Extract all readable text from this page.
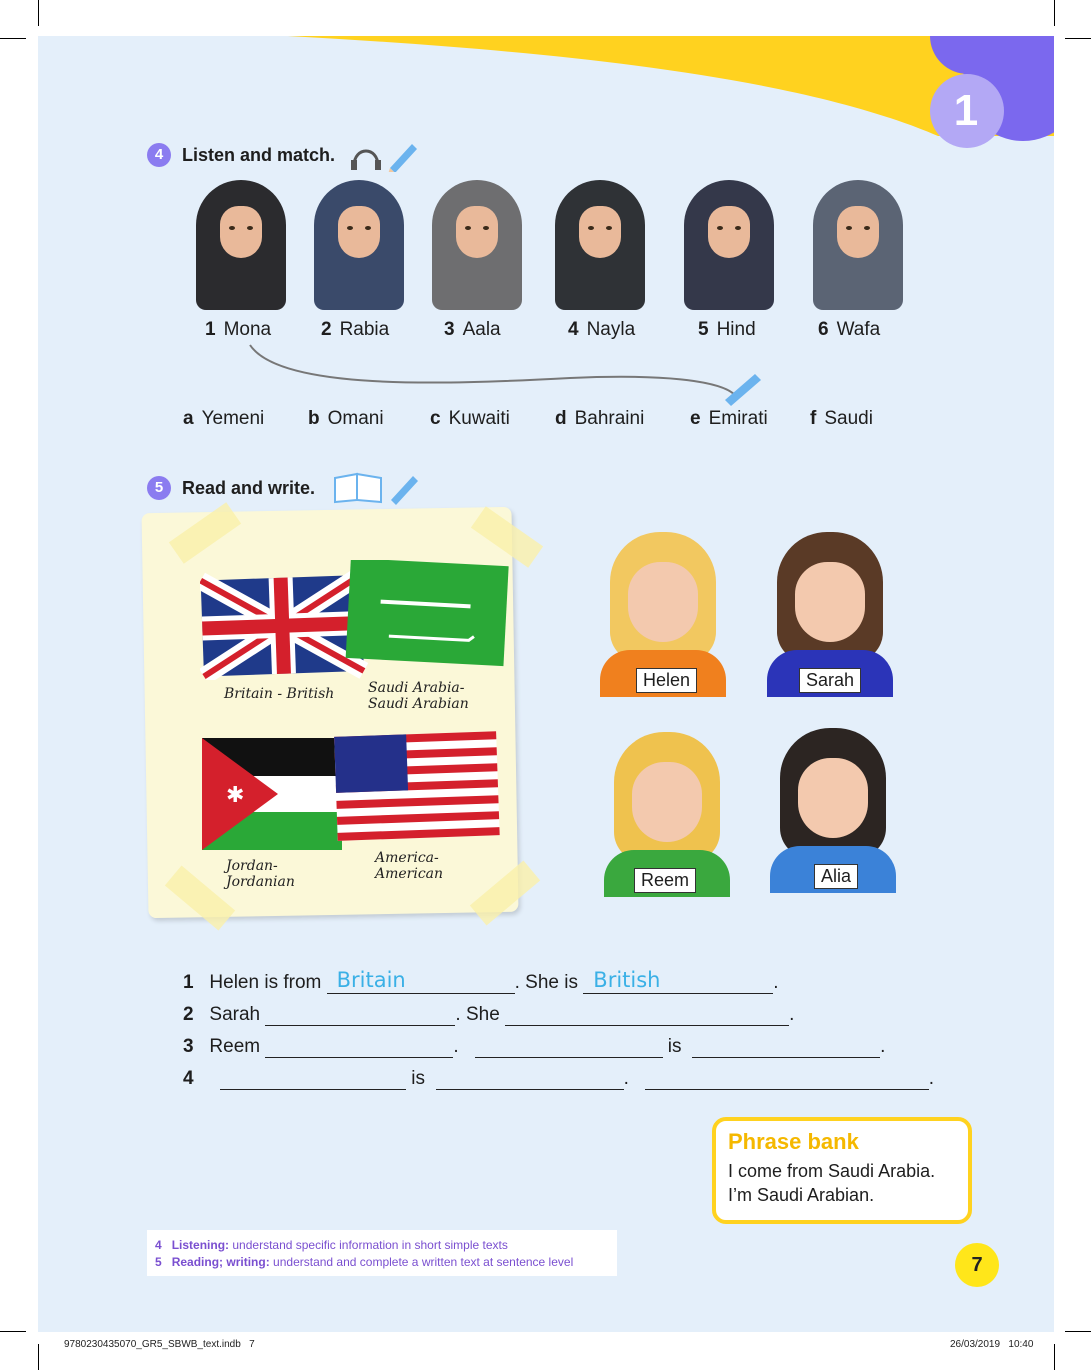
1
4	Listen and match.
1 Mona	2 Rabia	3 Aala	4 Nayla	5 Hind	6 Wafa
a Yemeni b Omani c Kuwaiti d Bahraini e Emirati f Saudi
5	Read and write.
Britain - British Saudi Arabia-
Saudi Arabian
✱
Jordan-
Jordanian
America-
American
Helen	Sarah
Reem	Alia
1 Helen is from Britain	. She is British	.
2 Sarah	. She	.
3 Reem	.	is	.
4	is	.	.
Phrase bank
I come from Saudi Arabia.
I’m Saudi Arabian.
4 Listening: understand specific information in short simple texts
5 Reading; writing: understand and complete a written text at sentence level	7
9780230435070_GR5_SBWB_text.indb   7	26/03/2019   10:40
